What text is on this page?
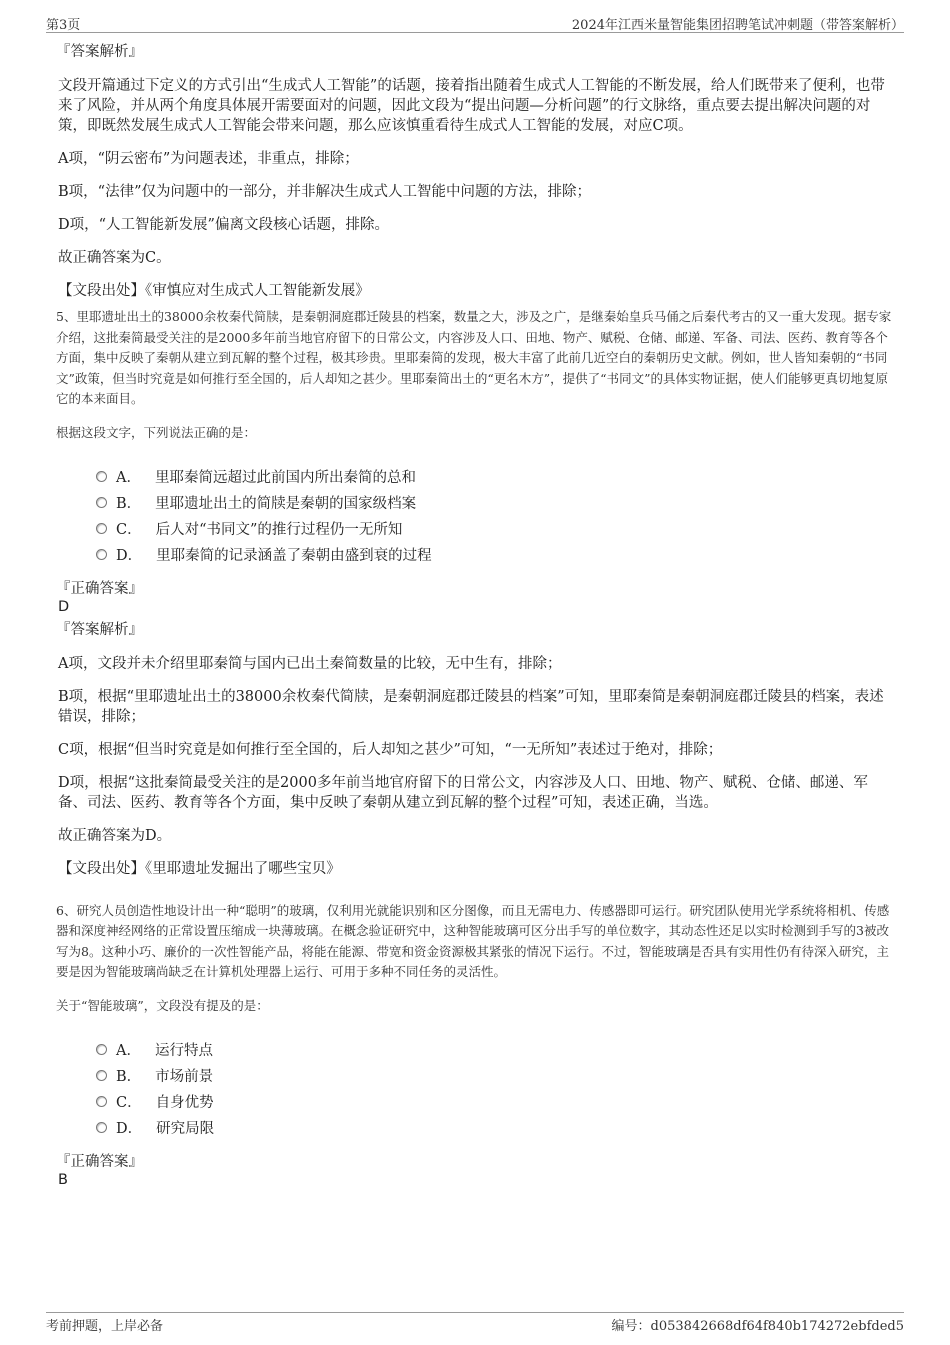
第3页	2024年江西米量智能集团招聘笔试冲刺题（带答案解析）
『答案解析』

文段开篇通过下定义的方式引出“生成式人工智能”的话题，接着指出随着生成式人工智能的不断发展，给人们既带来了便利，也带来了风险，并从两个角度具体展开需要面对的问题，因此文段为“提出问题—分析问题”的行文脉络，重点要去提出解决问题的对策，即既然发展生成式人工智能会带来问题，那么应该慎重看待生成式人工智能的发展，对应C项。

A项，“阴云密布”为问题表述，非重点，排除；

B项，“法律”仅为问题中的一部分，并非解决生成式人工智能中问题的方法，排除；

D项，“人工智能新发展”偏离文段核心话题，排除。

故正确答案为C。

【文段出处】《审慎应对生成式人工智能新发展》
5、里耶遗址出土的38000余枚秦代简牍，是秦朝洞庭郡迁陵县的档案，数量之大，涉及之广，是继秦始皇兵马俑之后秦代考古的又一重大发现。据专家介绍，这批秦简最受关注的是2000多年前当地官府留下的日常公文，内容涉及人口、田地、物产、赋税、仓储、邮递、军备、司法、医药、教育等各个方面，集中反映了秦朝从建立到瓦解的整个过程，极其珍贵。里耶秦简的发现，极大丰富了此前几近空白的秦朝历史文献。例如，世人皆知秦朝的“书同文”政策，但当时究竟是如何推行至全国的，后人却知之甚少。里耶秦简出土的“更名木方”，提供了“书同文”的具体实物证据，使人们能够更真切地复原它的本来面目。
根据这段文字，下列说法正确的是：
A． 里耶秦简远超过此前国内所出秦简的总和
B． 里耶遗址出土的简牍是秦朝的国家级档案
C． 后人对“书同文”的推行过程仍一无所知
D． 里耶秦简的记录涵盖了秦朝由盛到衰的过程
『正确答案』
D
『答案解析』

A项，文段并未介绍里耶秦简与国内已出土秦简数量的比较，无中生有，排除；

B项，根据“里耶遗址出土的38000余枚秦代简牍，是秦朝洞庭郡迁陵县的档案”可知，里耶秦简是秦朝洞庭郡迁陵县的档案，表述错误，排除；

C项，根据“但当时究竟是如何推行至全国的，后人却知之甚少”可知，“一无所知”表述过于绝对，排除；

D项，根据“这批秦简最受关注的是2000多年前当地官府留下的日常公文，内容涉及人口、田地、物产、赋税、仓储、邮递、军备、司法、医药、教育等各个方面，集中反映了秦朝从建立到瓦解的整个过程”可知，表述正确，当选。

故正确答案为D。

【文段出处】《里耶遗址发掘出了哪些宝贝》
6、研究人员创造性地设计出一种“聪明”的玻璃，仅利用光就能识别和区分图像，而且无需电力、传感器即可运行。研究团队使用光学系统将相机、传感器和深度神经网络的正常设置压缩成一块薄玻璃。在概念验证研究中，这种智能玻璃可区分出手写的单位数字，其动态性还足以实时检测到手写的3被改写为8。这种小巧、廉价的一次性智能产品，将能在能源、带宽和资金资源极其紧张的情况下运行。不过，智能玻璃是否具有实用性仍有待深入研究，主要是因为智能玻璃尚缺乏在计算机处理器上运行、可用于多种不同任务的灵活性。
关于“智能玻璃”，文段没有提及的是：
A． 运行特点
B． 市场前景
C． 自身优势
D． 研究局限
『正确答案』
B
考前押题，上岸必备	编号：d053842668df64f840b174272ebfded5
